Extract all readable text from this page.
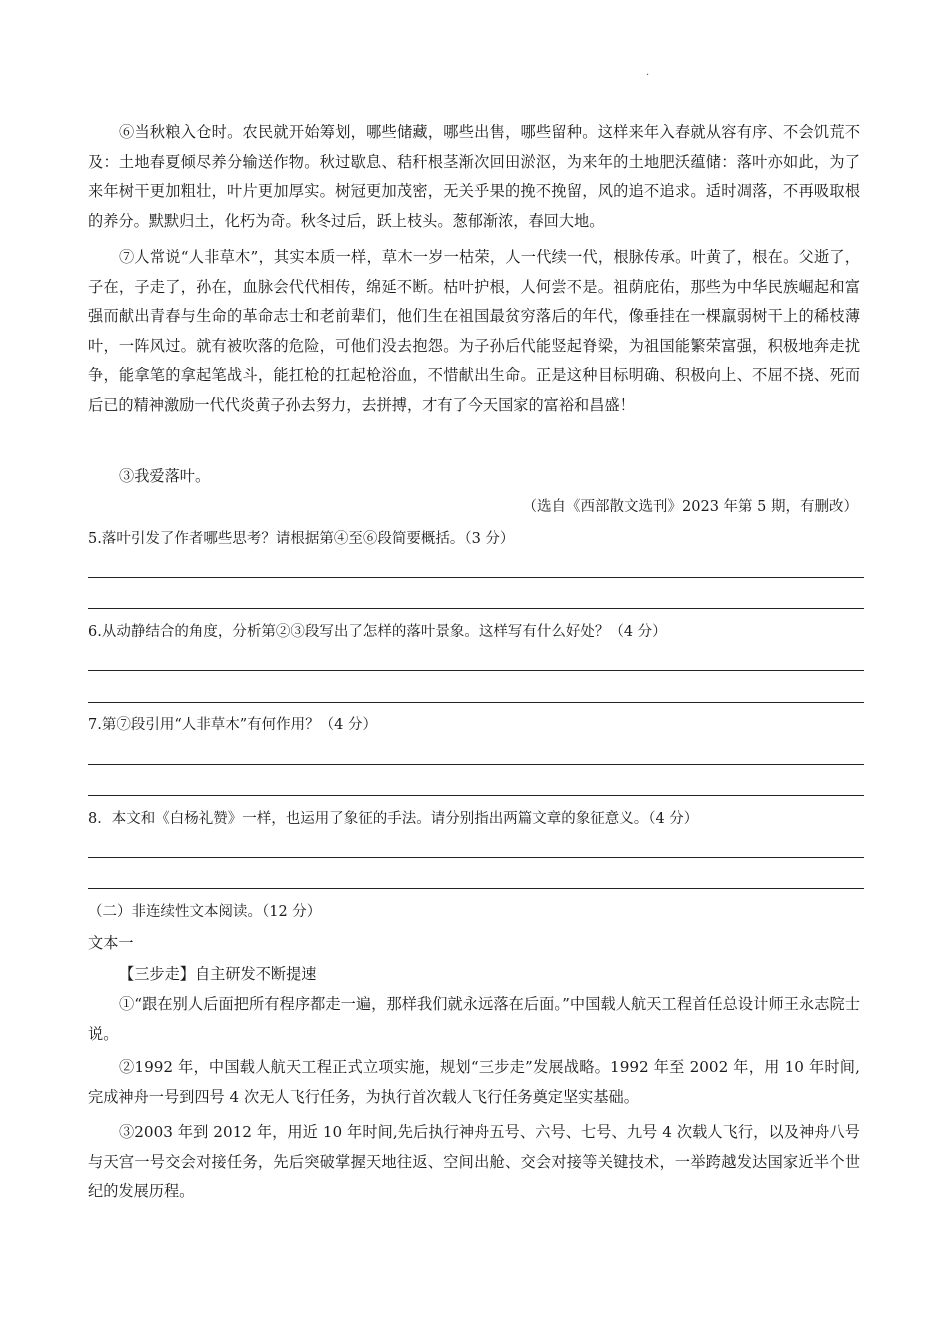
·

⑥当秋粮入仓时。农民就开始筹划，哪些储藏，哪些出售，哪些留种。这样来年入春就从容有序、不会饥荒不及：土地春夏倾尽养分输送作物。秋过歇息、秸秆根茎渐次回田淤沤，为来年的土地肥沃蕴储：落叶亦如此，为了来年树干更加粗壮，叶片更加厚实。树冠更加茂密，无关乎果的挽不挽留，风的追不追求。适时凋落，不再吸取根的养分。默默归土，化朽为奇。秋冬过后，跃上枝头。葱郁渐浓，春回大地。

⑦人常说“人非草木”，其实本质一样，草木一岁一枯荣，人一代续一代，根脉传承。叶黄了，根在。父逝了，子在，子走了，孙在，血脉会代代相传，绵延不断。枯叶护根，人何尝不是。祖荫庇佑，那些为中华民族崛起和富强而献出青春与生命的革命志士和老前辈们，他们生在祖国最贫穷落后的年代，像垂挂在一棵羸弱树干上的稀枝薄叶，一阵风过。就有被吹落的危险，可他们没去抱怨。为子孙后代能竖起脊梁，为祖国能繁荣富强，积极地奔走扰争，能拿笔的拿起笔战斗，能扛枪的扛起枪浴血，不惜献出生命。正是这种目标明确、积极向上、不屈不挠、死而后已的精神激励一代代炎黄子孙去努力，去拼搏，才有了今天国家的富裕和昌盛！

③我爱落叶。

（选自《西部散文选刊》2023 年第 5 期，有删改）

5.落叶引发了作者哪些思考？请根据第④至⑥段简要概括。（3 分）

6.从动静结合的角度，分析第②③段写出了怎样的落叶景象。这样写有什么好处？（4 分）

7.第⑦段引用“人非草木”有何作用？（4 分）

8．本文和《白杨礼赞》一样，也运用了象征的手法。请分别指出两篇文章的象征意义。（4 分）

（二）非连续性文本阅读。（12 分）

文本一

【三步走】自主研发不断提速

①“跟在别人后面把所有程序都走一遍，那样我们就永远落在后面。”中国载人航天工程首任总设计师王永志院士说。

②1992 年，中国载人航天工程正式立项实施，规划“三步走”发展战略。1992 年至 2002 年，用 10 年时间,完成神舟一号到四号 4 次无人飞行任务，为执行首次载人飞行任务奠定坚实基础。

③2003 年到 2012 年，用近 10 年时间,先后执行神舟五号、六号、七号、九号 4 次载人飞行，以及神舟八号与天宫一号交会对接任务，先后突破掌握天地往返、空间出舱、交会对接等关键技术，一举跨越发达国家近半个世纪的发展历程。
